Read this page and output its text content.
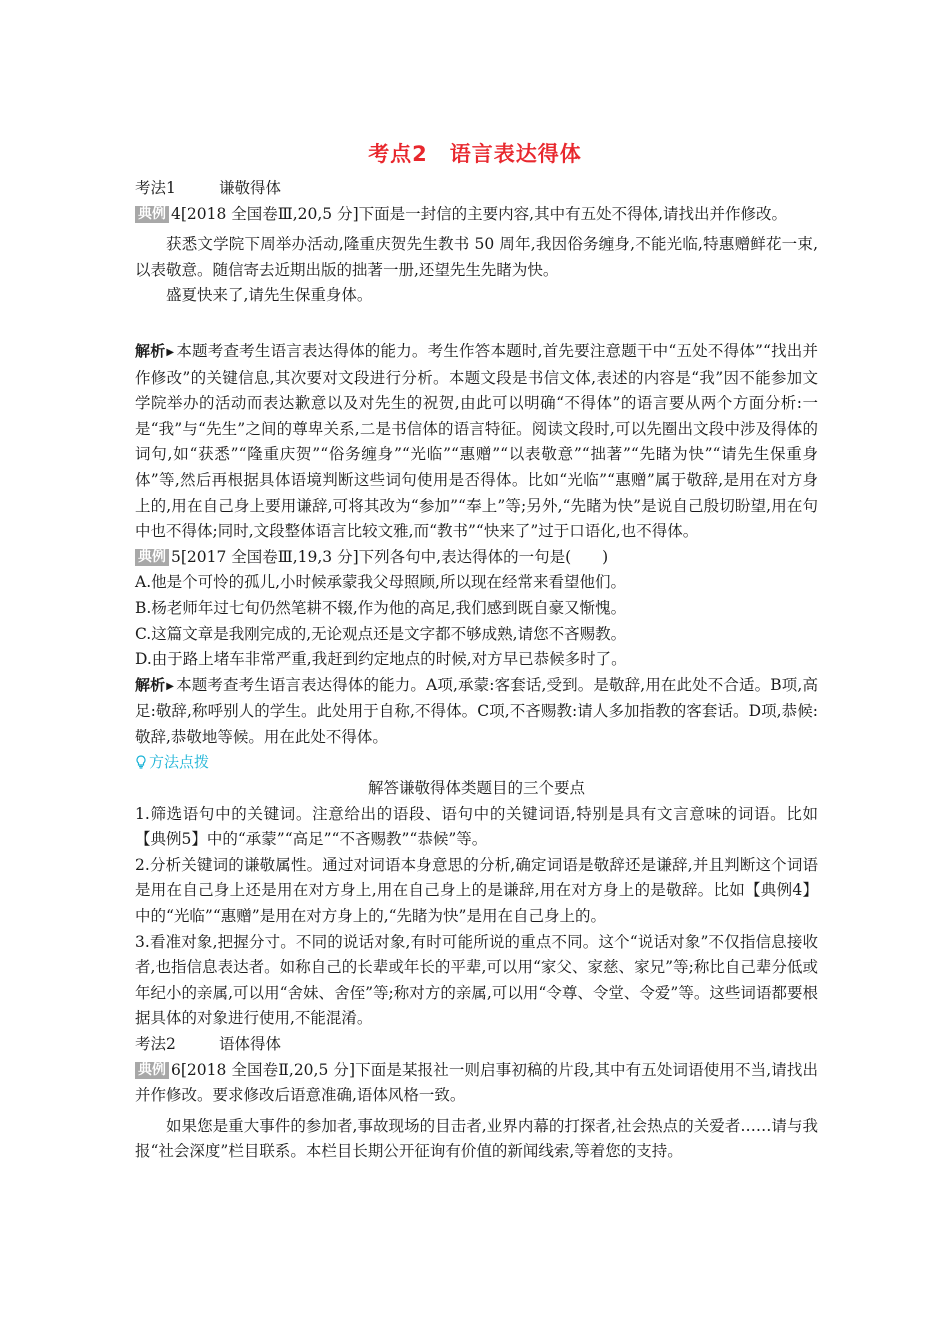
考点2　语言表达得体
考法1	谦敬得体

典例 4[2018 全国卷Ⅲ,20,5 分]下面是一封信的主要内容,其中有五处不得体,请找出并作修改。

获悉文学院下周举办活动,隆重庆贺先生教书 50 周年,我因俗务缠身,不能光临,特惠赠鲜花一束,以表敬意。随信寄去近期出版的拙著一册,还望先生先睹为快。

盛夏快来了,请先生保重身体。

解析▶ 本题考查考生语言表达得体的能力。考生作答本题时,首先要注意题干中“五处不得体”“找出并作修改”的关键信息,其次要对文段进行分析。本题文段是书信文体,表述的内容是“我”因不能参加文学院举办的活动而表达歉意以及对先生的祝贺,由此可以明确“不得体”的语言要从两个方面分析:一是“我”与“先生”之间的尊卑关系,二是书信体的语言特征。阅读文段时,可以先圈出文段中涉及得体的词句,如“获悉”“隆重庆贺”“俗务缠身”“光临”“惠赠”“以表敬意”“拙著”“先睹为快”“请先生保重身体”等,然后再根据具体语境判断这些词句使用是否得体。比如“光临”“惠赠”属于敬辞,是用在对方身上的,用在自己身上要用谦辞,可将其改为“参加”“奉上”等;另外,“先睹为快”是说自己殷切盼望,用在句中也不得体;同时,文段整体语言比较文雅,而“教书”“快来了”过于口语化,也不得体。

典例 5[2017 全国卷Ⅲ,19,3 分]下列各句中,表达得体的一句是(　　)

A.他是个可怜的孤儿,小时候承蒙我父母照顾,所以现在经常来看望他们。

B.杨老师年过七旬仍然笔耕不辍,作为他的高足,我们感到既自豪又惭愧。

C.这篇文章是我刚完成的,无论观点还是文字都不够成熟,请您不吝赐教。

D.由于路上堵车非常严重,我赶到约定地点的时候,对方早已恭候多时了。

解析▶ 本题考查考生语言表达得体的能力。A项,承蒙:客套话,受到。是敬辞,用在此处不合适。B项,高足:敬辞,称呼别人的学生。此处用于自称,不得体。C项,不吝赐教:请人多加指教的客套话。D项,恭候:敬辞,恭敬地等候。用在此处不得体。

方法点拨

解答谦敬得体类题目的三个要点

1.筛选语句中的关键词。注意给出的语段、语句中的关键词语,特别是具有文言意味的词语。比如【典例5】中的“承蒙”“高足”“不吝赐教”“恭候”等。

2.分析关键词的谦敬属性。通过对词语本身意思的分析,确定词语是敬辞还是谦辞,并且判断这个词语是用在自己身上还是用在对方身上,用在自己身上的是谦辞,用在对方身上的是敬辞。比如【典例4】中的“光临”“惠赠”是用在对方身上的,“先睹为快”是用在自己身上的。

3.看准对象,把握分寸。不同的说话对象,有时可能所说的重点不同。这个“说话对象”不仅指信息接收者,也指信息表达者。如称自己的长辈或年长的平辈,可以用“家父、家慈、家兄”等;称比自己辈分低或年纪小的亲属,可以用“舍妹、舍侄”等;称对方的亲属,可以用“令尊、令堂、令爱”等。这些词语都要根据具体的对象进行使用,不能混淆。

考法2	语体得体

典例 6[2018 全国卷Ⅱ,20,5 分]下面是某报社一则启事初稿的片段,其中有五处词语使用不当,请找出并作修改。要求修改后语意准确,语体风格一致。

如果您是重大事件的参加者,事故现场的目击者,业界内幕的打探者,社会热点的关爱者……请与我报“社会深度”栏目联系。本栏目长期公开征询有价值的新闻线索,等着您的支持。
